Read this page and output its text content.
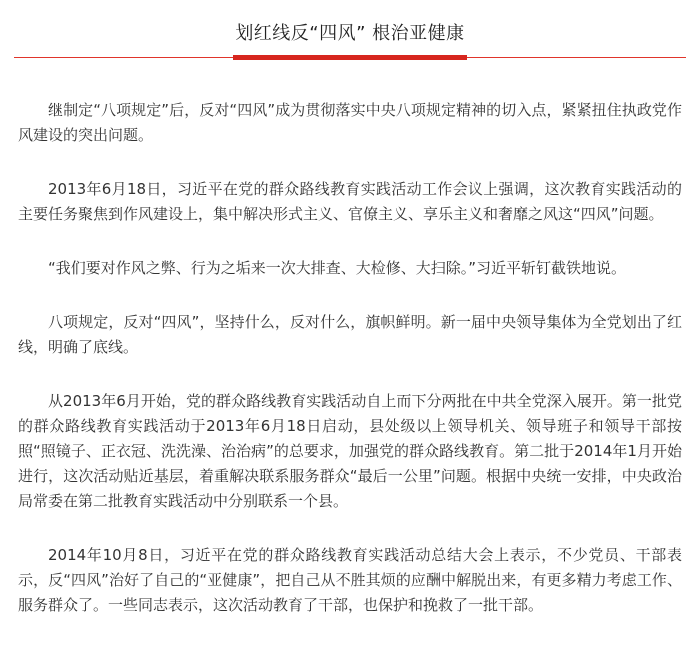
划红线反“四风” 根治亚健康

继制定“八项规定”后，反对“四风”成为贯彻落实中央八项规定精神的切入点，紧紧扭住执政党作风建设的突出问题。

2013年6月18日，习近平在党的群众路线教育实践活动工作会议上强调，这次教育实践活动的主要任务聚焦到作风建设上，集中解决形式主义、官僚主义、享乐主义和奢靡之风这“四风”问题。

“我们要对作风之弊、行为之垢来一次大排查、大检修、大扫除。”习近平斩钉截铁地说。

八项规定，反对“四风”，坚持什么，反对什么，旗帜鲜明。新一届中央领导集体为全党划出了红线，明确了底线。

从2013年6月开始，党的群众路线教育实践活动自上而下分两批在中共全党深入展开。第一批党的群众路线教育实践活动于2013年6月18日启动，县处级以上领导机关、领导班子和领导干部按照“照镜子、正衣冠、洗洗澡、治治病”的总要求，加强党的群众路线教育。第二批于2014年1月开始进行，这次活动贴近基层，着重解决联系服务群众“最后一公里”问题。根据中央统一安排，中央政治局常委在第二批教育实践活动中分别联系一个县。

2014年10月8日，习近平在党的群众路线教育实践活动总结大会上表示，不少党员、干部表示，反“四风”治好了自己的“亚健康”，把自己从不胜其烦的应酬中解脱出来，有更多精力考虑工作、服务群众了。一些同志表示，这次活动教育了干部，也保护和挽救了一批干部。
